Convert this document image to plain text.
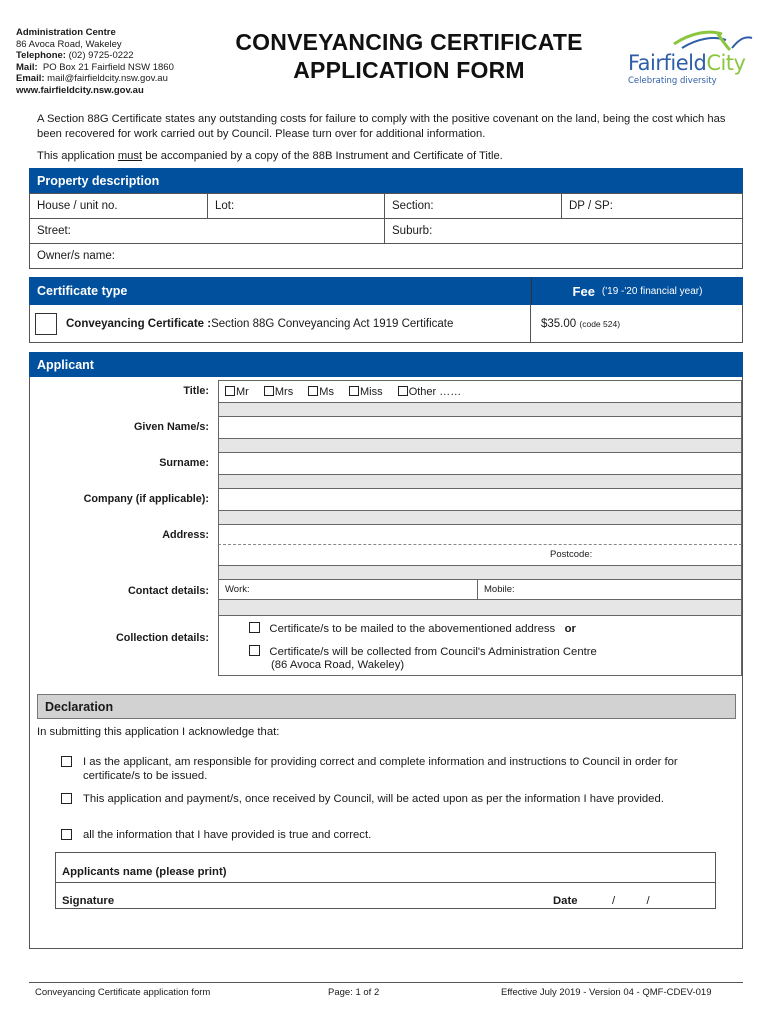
Administration Centre
86 Avoca Road, Wakeley
Telephone: (02) 9725-0222
Mail: PO Box 21 Fairfield NSW 1860
Email: mail@fairfieldcity.nsw.gov.au
www.fairfieldcity.nsw.gov.au
CONVEYANCING CERTIFICATE
APPLICATION FORM	FairfieldCity
Celebrating diversity

A Section 88G Certificate states any outstanding costs for failure to comply with the positive covenant on the land, being the cost which has been recovered for work carried out by Council. Please turn over for additional information.

This application must be accompanied by a copy of the 88B Instrument and Certificate of Title.

Property description
House / unit no.	Lot:	Section:	DP / SP:
Street:		Suburb:	
Owner/s name:			
Certificate type	Fee
('19 -'20 financial year)
Conveyancing Certificate : Section 88G Conveyancing Act 1919 Certificate	$35.00
(code 524)
Applicant
Title:	Mr Mrs Ms Miss Other ……
Given Name/s:
Surname:
Company (if applicable):
Address:
Postcode:
Contact details: Work:	Mobile:
Collection details:
Certificate/s to be mailed to the abovementioned address or
Certificate/s will be collected from Council's Administration Centre
(86 Avoca Road, Wakeley)
Declaration
In submitting this application I acknowledge that:
I as the applicant, am responsible for providing correct and complete information and instructions to Council in order for certificate/s to be issued.
This application and payment/s, once received by Council, will be acted upon as per the information I have provided.
all the information that I have provided is true and correct.
Applicants name (please print)
Signature	Date	/          /
Conveyancing Certificate application form	Page: 1 of 2	Effective July 2019 - Version 04 - QMF-CDEV-019
